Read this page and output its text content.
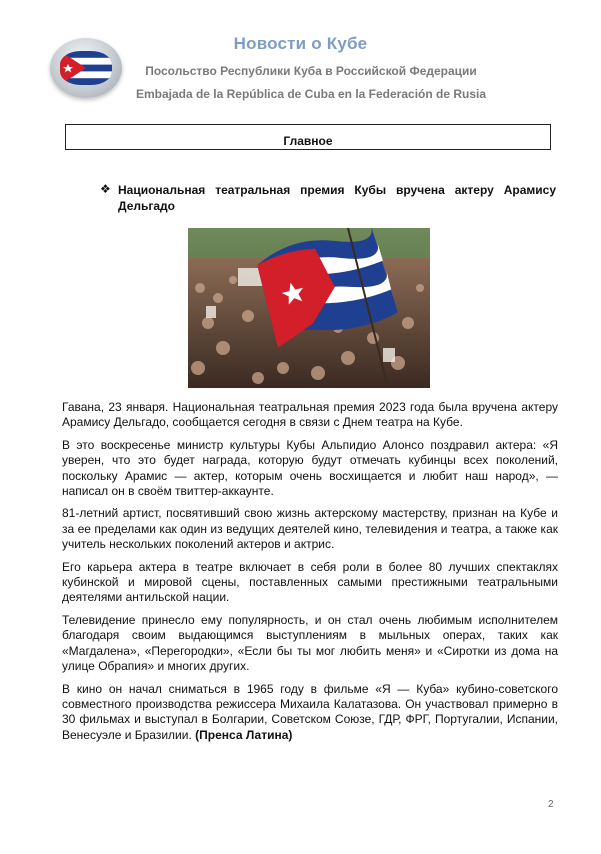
Новости о Кубе
Посольство Республики Куба в Российской Федерации
Embajada de la República de Cuba en la Federación de Rusia
Главное
❖ Национальная театральная премия Кубы вручена актеру Арамису Дельгадо

Гавана, 23 января. Национальная театральная премия 2023 года была вручена актеру Арамису Дельгадо, сообщается сегодня в связи с Днем театра на Кубе.

В это воскресенье министр культуры Кубы Альпидио Алонсо поздравил актера: «Я уверен, что это будет награда, которую будут отмечать кубинцы всех поколений, поскольку Арамис — актер, которым очень восхищается и любит наш народ», — написал он в своём твиттер-аккаунте.

81-летний артист, посвятивший свою жизнь актерскому мастерству, признан на Кубе и за ее пределами как один из ведущих деятелей кино, телевидения и театра, а также как учитель нескольких поколений актеров и актрис.

Его карьера актера в театре включает в себя роли в более 80 лучших спектаклях кубинской и мировой сцены, поставленных самыми престижными театральными деятелями антильской нации.

Телевидение принесло ему популярность, и он стал очень любимым исполнителем благодаря своим выдающимся выступлениям в мыльных операх, таких как «Магдалена», «Перегородки», «Если бы ты мог любить меня» и «Сиротки из дома на улице Обрапия» и многих других.

В кино он начал сниматься в 1965 году в фильме «Я — Куба» кубино-советского совместного производства режиссера Михаила Калатазова. Он участвовал примерно в 30 фильмах и выступал в Болгарии, Советском Союзе, ГДР, ФРГ, Португалии, Испании, Венесуэле и Бразилии. (Пренса Латина)

2
